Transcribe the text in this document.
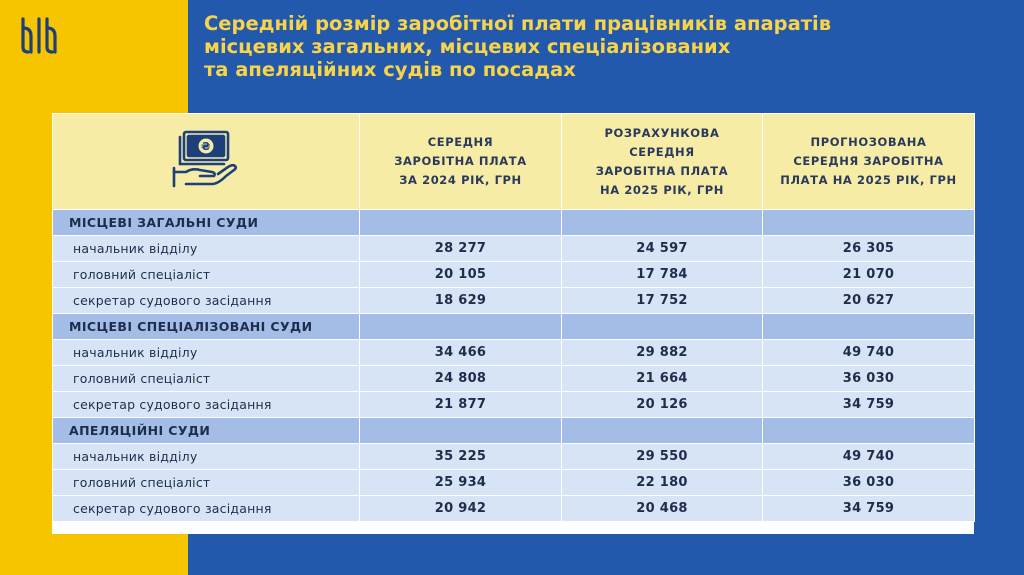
Середній розмір заробітної плати працівників апаратів
місцевих загальних, місцевих спеціалізованих
та апеляційних судів по посадах
₴	СЕРЕДНЯ
ЗАРОБІТНА ПЛАТА
ЗА 2024 РІК, ГРН	РОЗРАХУНКОВА
СЕРЕДНЯ
ЗАРОБІТНА ПЛАТА
НА 2025 РІК, ГРН	ПРОГНОЗОВАНА
СЕРЕДНЯ ЗАРОБІТНА
ПЛАТА НА 2025 РІК, ГРН

МІСЦЕВІ ЗАГАЛЬНІ СУДИ			
начальник відділу	28 277	24 597	26 305
головний спеціаліст	20 105	17 784	21 070
секретар судового засідання	18 629	17 752	20 627
МІСЦЕВІ СПЕЦІАЛІЗОВАНІ СУДИ			
начальник відділу	34 466	29 882	49 740
головний спеціаліст	24 808	21 664	36 030
секретар судового засідання	21 877	20 126	34 759
АПЕЛЯЦІЙНІ СУДИ			
начальник відділу	35 225	29 550	49 740
головний спеціаліст	25 934	22 180	36 030
секретар судового засідання	20 942	20 468	34 759
